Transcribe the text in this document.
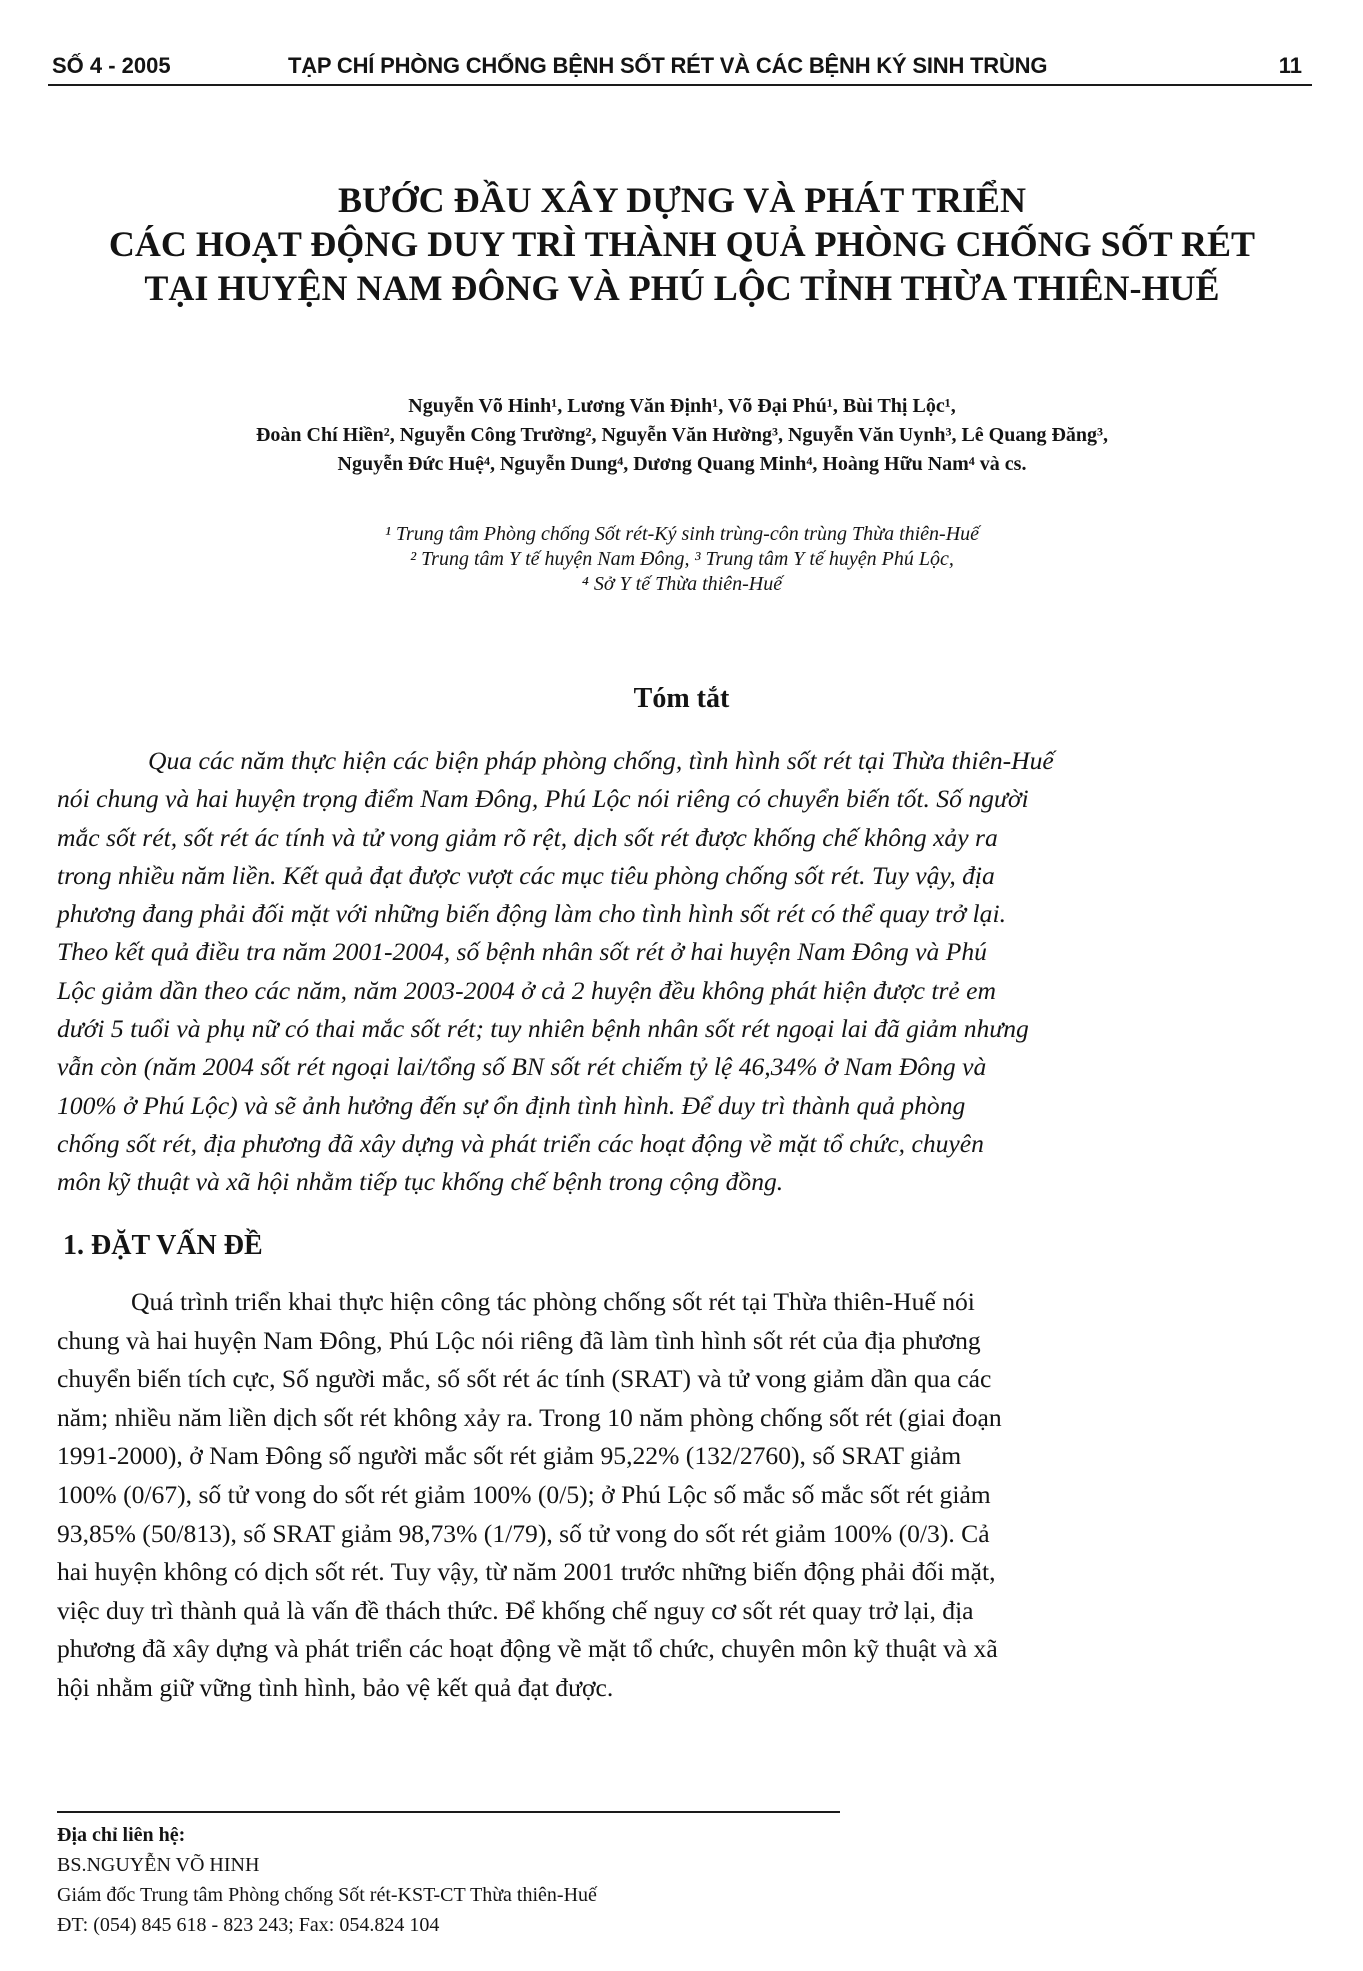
SỐ 4 - 2005	TẠP CHÍ PHÒNG CHỐNG BỆNH SỐT RÉT VÀ CÁC BỆNH KÝ SINH TRÙNG	11
BƯỚC ĐẦU XÂY DỰNG VÀ PHÁT TRIỂN
CÁC HOẠT ĐỘNG DUY TRÌ THÀNH QUẢ PHÒNG CHỐNG SỐT RÉT
TẠI HUYỆN NAM ĐÔNG VÀ PHÚ LỘC TỈNH THỪA THIÊN-HUẾ
Nguyễn Võ Hinh¹, Lương Văn Định¹, Võ Đại Phú¹, Bùi Thị Lộc¹,
Đoàn Chí Hiền², Nguyễn Công Trường², Nguyễn Văn Hường³, Nguyễn Văn Uynh³, Lê Quang Đăng³,
Nguyễn Đức Huệ⁴, Nguyễn Dung⁴, Dương Quang Minh⁴, Hoàng Hữu Nam⁴ và cs.
¹ Trung tâm Phòng chống Sốt rét-Ký sinh trùng-côn trùng Thừa thiên-Huế
² Trung tâm Y tế huyện Nam Đông, ³ Trung tâm Y tế huyện Phú Lộc,
⁴ Sở Y tế Thừa thiên-Huế
Tóm tắt
Qua các năm thực hiện các biện pháp phòng chống, tình hình sốt rét tại Thừa thiên-Huế
nói chung và hai huyện trọng điểm Nam Đông, Phú Lộc nói riêng có chuyển biến tốt. Số người
mắc sốt rét, sốt rét ác tính và tử vong giảm rõ rệt, dịch sốt rét được khống chế không xảy ra
trong nhiều năm liền. Kết quả đạt được vượt các mục tiêu phòng chống sốt rét. Tuy vậy, địa
phương đang phải đối mặt với những biến động làm cho tình hình sốt rét có thể quay trở lại.
Theo kết quả điều tra năm 2001-2004, số bệnh nhân sốt rét ở hai huyện Nam Đông và Phú
Lộc giảm dần theo các năm, năm 2003-2004 ở cả 2 huyện đều không phát hiện được trẻ em
dưới 5 tuổi và phụ nữ có thai mắc sốt rét; tuy nhiên bệnh nhân sốt rét ngoại lai đã giảm nhưng
vẫn còn (năm 2004 sốt rét ngoại lai/tổng số BN sốt rét chiếm tỷ lệ 46,34% ở Nam Đông và
100% ở Phú Lộc) và sẽ ảnh hưởng đến sự ổn định tình hình. Để duy trì thành quả phòng
chống sốt rét, địa phương đã xây dựng và phát triển các hoạt động về mặt tổ chức, chuyên
môn kỹ thuật và xã hội nhằm tiếp tục khống chế bệnh trong cộng đồng.
1. ĐẶT VẤN ĐỀ
Quá trình triển khai thực hiện công tác phòng chống sốt rét tại Thừa thiên-Huế nói
chung và hai huyện Nam Đông, Phú Lộc nói riêng đã làm tình hình sốt rét của địa phương
chuyển biến tích cực, Số người mắc, số sốt rét ác tính (SRAT) và tử vong giảm dần qua các
năm; nhiều năm liền dịch sốt rét không xảy ra. Trong 10 năm phòng chống sốt rét (giai đoạn
1991-2000), ở Nam Đông số người mắc sốt rét giảm 95,22% (132/2760), số SRAT giảm
100% (0/67), số tử vong do sốt rét giảm 100% (0/5); ở Phú Lộc số mắc số mắc sốt rét giảm
93,85% (50/813), số SRAT giảm 98,73% (1/79), số tử vong do sốt rét giảm 100% (0/3). Cả
hai huyện không có dịch sốt rét. Tuy vậy, từ năm 2001 trước những biến động phải đối mặt,
việc duy trì thành quả là vấn đề thách thức. Để khống chế nguy cơ sốt rét quay trở lại, địa
phương đã xây dựng và phát triển các hoạt động về mặt tổ chức, chuyên môn kỹ thuật và xã
hội nhằm giữ vững tình hình, bảo vệ kết quả đạt được.
Địa chỉ liên hệ:
BS.NGUYỄN VÕ HINH
Giám đốc Trung tâm Phòng chống Sốt rét-KST-CT Thừa thiên-Huế
ĐT: (054) 845 618 - 823 243; Fax: 054.824 104
